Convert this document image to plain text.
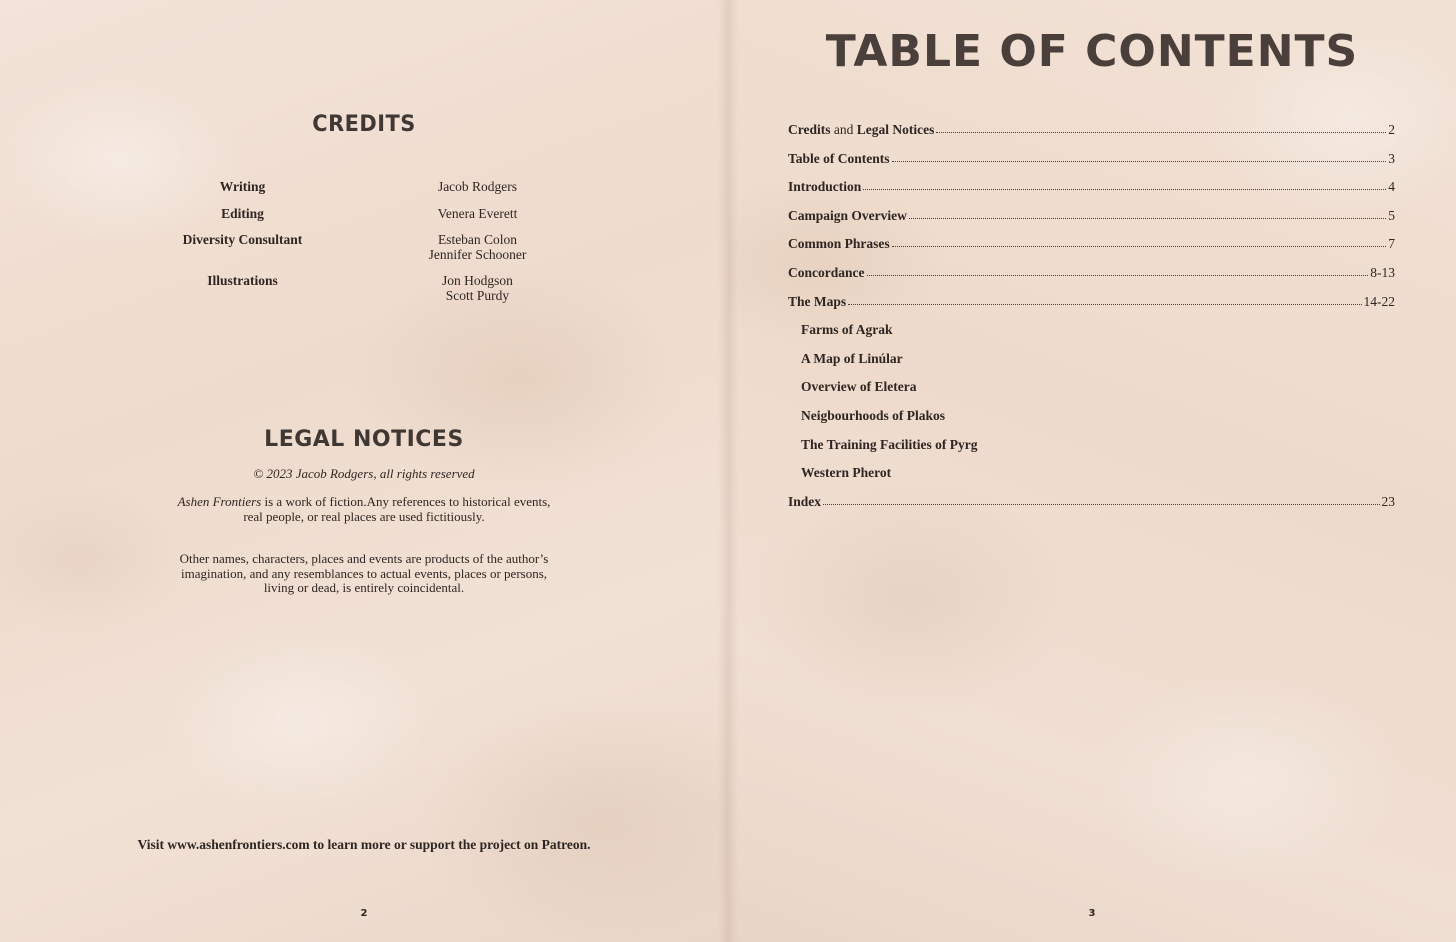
CREDITS
Writing	Jacob Rodgers
Editing	Venera Everett
Diversity Consultant	Esteban Colon
Jennifer Schooner
Illustrations	Jon Hodgson
Scott Purdy
LEGAL NOTICES
© 2023 Jacob Rodgers, all rights reserved
Ashen Frontiers is a work of fiction.Any references to historical events, real people, or real places are used fictitiously.
Other names, characters, places and events are products of the author’s imagination, and any resemblances to actual events, places or persons, living or dead, is entirely coincidental.
Visit www.ashenfrontiers.com to learn more or support the project on Patreon.
2
TABLE OF CONTENTS
Credits and Legal Notices	2
Table of Contents	3
Introduction	4
Campaign Overview	5
Common Phrases	7
Concordance	8-13
The Maps	14-22
Farms of Agrak
A Map of Linúlar
Overview of Eletera
Neigbourhoods of Plakos
The Training Facilities of Pyrg
Western Pherot
Index	23
3
